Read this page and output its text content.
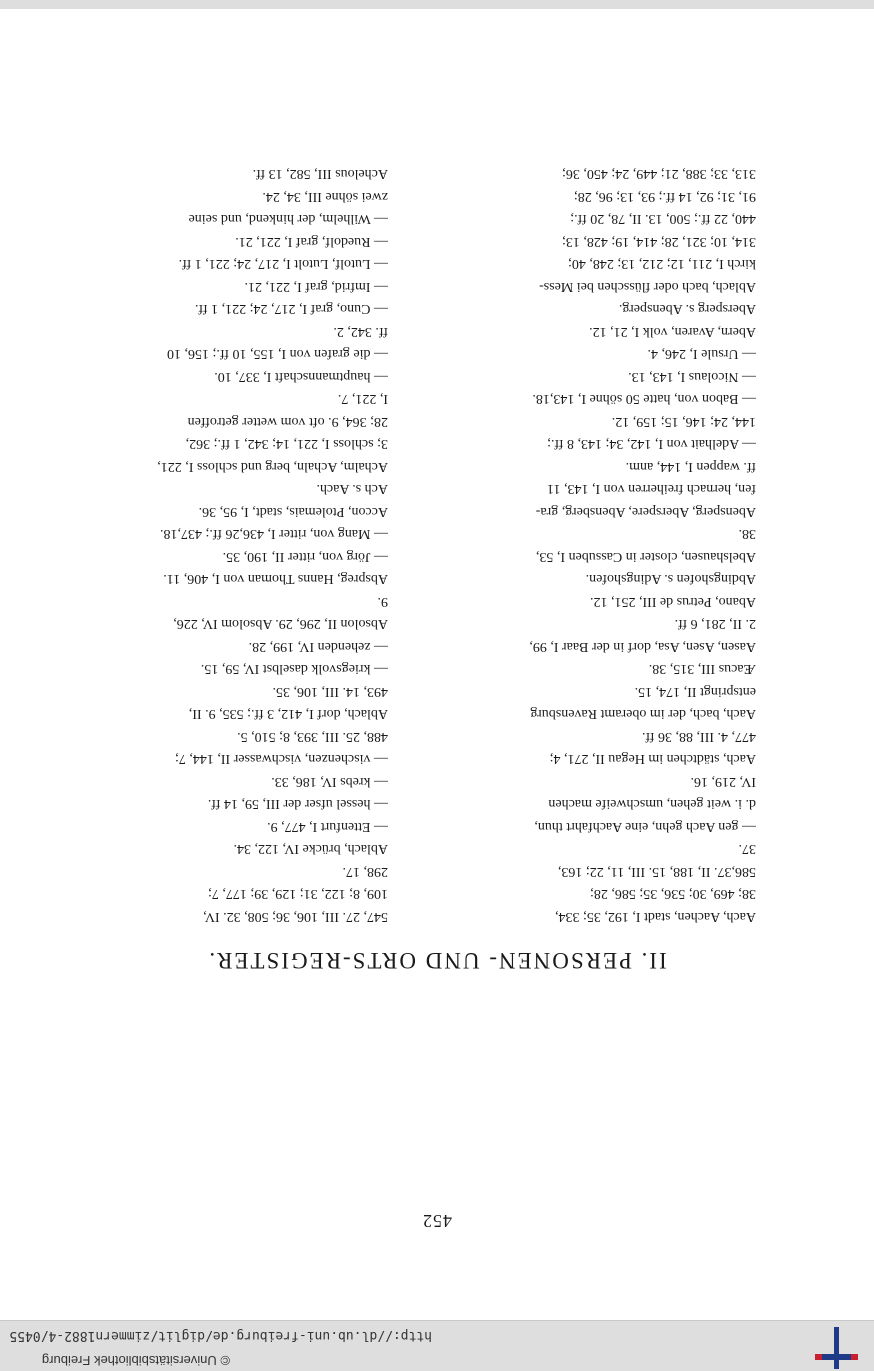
© Universitätsbibliothek Freiburg
http://dl.ub.uni-freiburg.de/diglit/zimmern1882-4/0455
452
II. PERSONEN- UND ORTS-REGISTER.
Aach, Aachen, stadt I, 192, 35; 334,
38; 469, 30; 536, 35; 586, 28;
586,37. II, 188, 15. III, 11, 22; 163,
37.
— gen Aach gehn, eine Aachfahrt thun,
d. i. weit gehen, umschweife machen
IV, 219, 16.
Aach, städtchen im Hegau II, 271, 4;
477, 4. III, 88, 36 ff.
Aach, bach, der im oberamt Ravensburg
entspringt II, 174, 15.
Æacus III, 315, 38.
Aasen, Asen, Asa, dorf in der Baar I, 99,
2. II, 281, 6 ff.
Abano, Petrus de III, 251, 12.
Abdingshofen s. Adingshofen.
Abelshausen, closter in Cassuben I, 53,
38.
Abensperg, Aberspere, Abensberg, gra-
fen, hernach freiherren von I, 143, 11
ff. wappen I, 144, anm.
— Adelhait von I, 142, 34; 143, 8 ff.;
144, 24; 146, 15; 159, 12.
— Babon von, hatte 50 söhne I, 143,18.
— Nicolaus I, 143, 13.
— Ursule I, 246, 4.
Abern, Avaren, volk I, 21, 12.
Abersperg s. Abensperg.
Ablach, bach oder flüsschen bei Mess-
kirch I, 211, 12; 212, 13; 248, 40;
314, 10; 321, 28; 414, 19; 428, 13;
440, 22 ff.; 500, 13. II, 78, 20 ff.;
91, 31; 92, 14 ff.; 93, 13; 96, 28;
313, 33; 388, 21; 449, 24; 450, 36;
547, 27. III, 106, 36; 508, 32. IV,
109, 8; 122, 31; 129, 39; 177, 7;
298, 17.
Ablach, brücke IV, 122, 34.
— Ettenfurt I, 477, 9.
— hessel ufser der III, 59, 14 ff.
— krebs IV, 186, 33.
— vischenzen, vischwasser II, 144, 7;
488, 25. III, 393, 8; 510, 5.
Ablach, dorf I, 412, 3 ff.; 535, 9. II,
493, 14. III, 106, 35.
— kriegsvolk daselbst IV, 59, 15.
— zehenden IV, 199, 28.
Absolon II, 296, 29. Absolom IV, 226,
9.
Abspreg, Hanns Thoman von I, 406, 11.
— Jörg von, ritter II, 190, 35.
— Mang von, ritter I, 436,26 ff.; 437,18.
Accon, Ptolemais, stadt, I, 95, 36.
Ach s. Aach.
Achalm, Achaln, berg und schloss I, 221,
3; schloss I, 221, 14; 342, 1 ff.; 362,
28; 364, 9. oft vom wetter getroffen
I, 221, 7.
— hauptmannschaft I, 337, 10.
— die grafen von I, 155, 10 ff.; 156, 10
ff. 342, 2.
— Cuno, graf I, 217, 24; 221, 1 ff.
— Imfrid, graf I, 221, 21.
— Lutolf, Lutolt I, 217, 24; 221, 1 ff.
— Ruedolf, graf I, 221, 21.
— Wilhelm, der hinkend, und seine
zwei söhne III, 34, 24.
Achelous III, 582, 13 ff.
